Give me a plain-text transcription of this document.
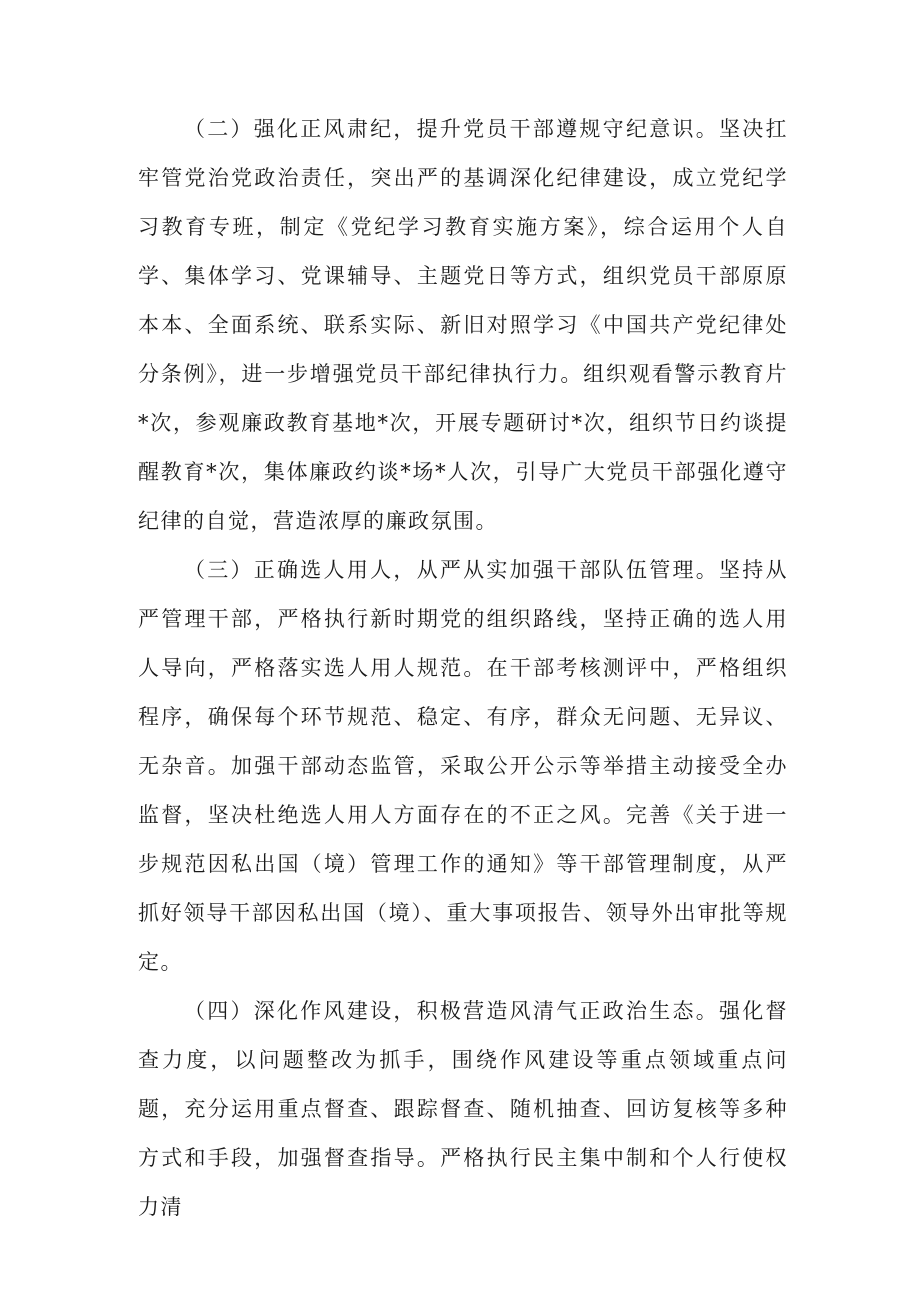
（二）强化正风肃纪，提升党员干部遵规守纪意识。坚决扛牢管党治党政治责任，突出严的基调深化纪律建设，成立党纪学习教育专班，制定《党纪学习教育实施方案》，综合运用个人自学、集体学习、党课辅导、主题党日等方式，组织党员干部原原本本、全面系统、联系实际、新旧对照学习《中国共产党纪律处分条例》，进一步增强党员干部纪律执行力。组织观看警示教育片*次，参观廉政教育基地*次，开展专题研讨*次，组织节日约谈提醒教育*次，集体廉政约谈*场*人次，引导广大党员干部强化遵守纪律的自觉，营造浓厚的廉政氛围。

（三）正确选人用人，从严从实加强干部队伍管理。坚持从严管理干部，严格执行新时期党的组织路线，坚持正确的选人用人导向，严格落实选人用人规范。在干部考核测评中，严格组织程序，确保每个环节规范、稳定、有序，群众无问题、无异议、无杂音。加强干部动态监管，采取公开公示等举措主动接受全办监督，坚决杜绝选人用人方面存在的不正之风。完善《关于进一步规范因私出国（境）管理工作的通知》等干部管理制度，从严抓好领导干部因私出国（境）、重大事项报告、领导外出审批等规定。

（四）深化作风建设，积极营造风清气正政治生态。强化督查力度，以问题整改为抓手，围绕作风建设等重点领域重点问题，充分运用重点督查、跟踪督查、随机抽查、回访复核等多种方式和手段，加强督查指导。严格执行民主集中制和个人行使权力清
